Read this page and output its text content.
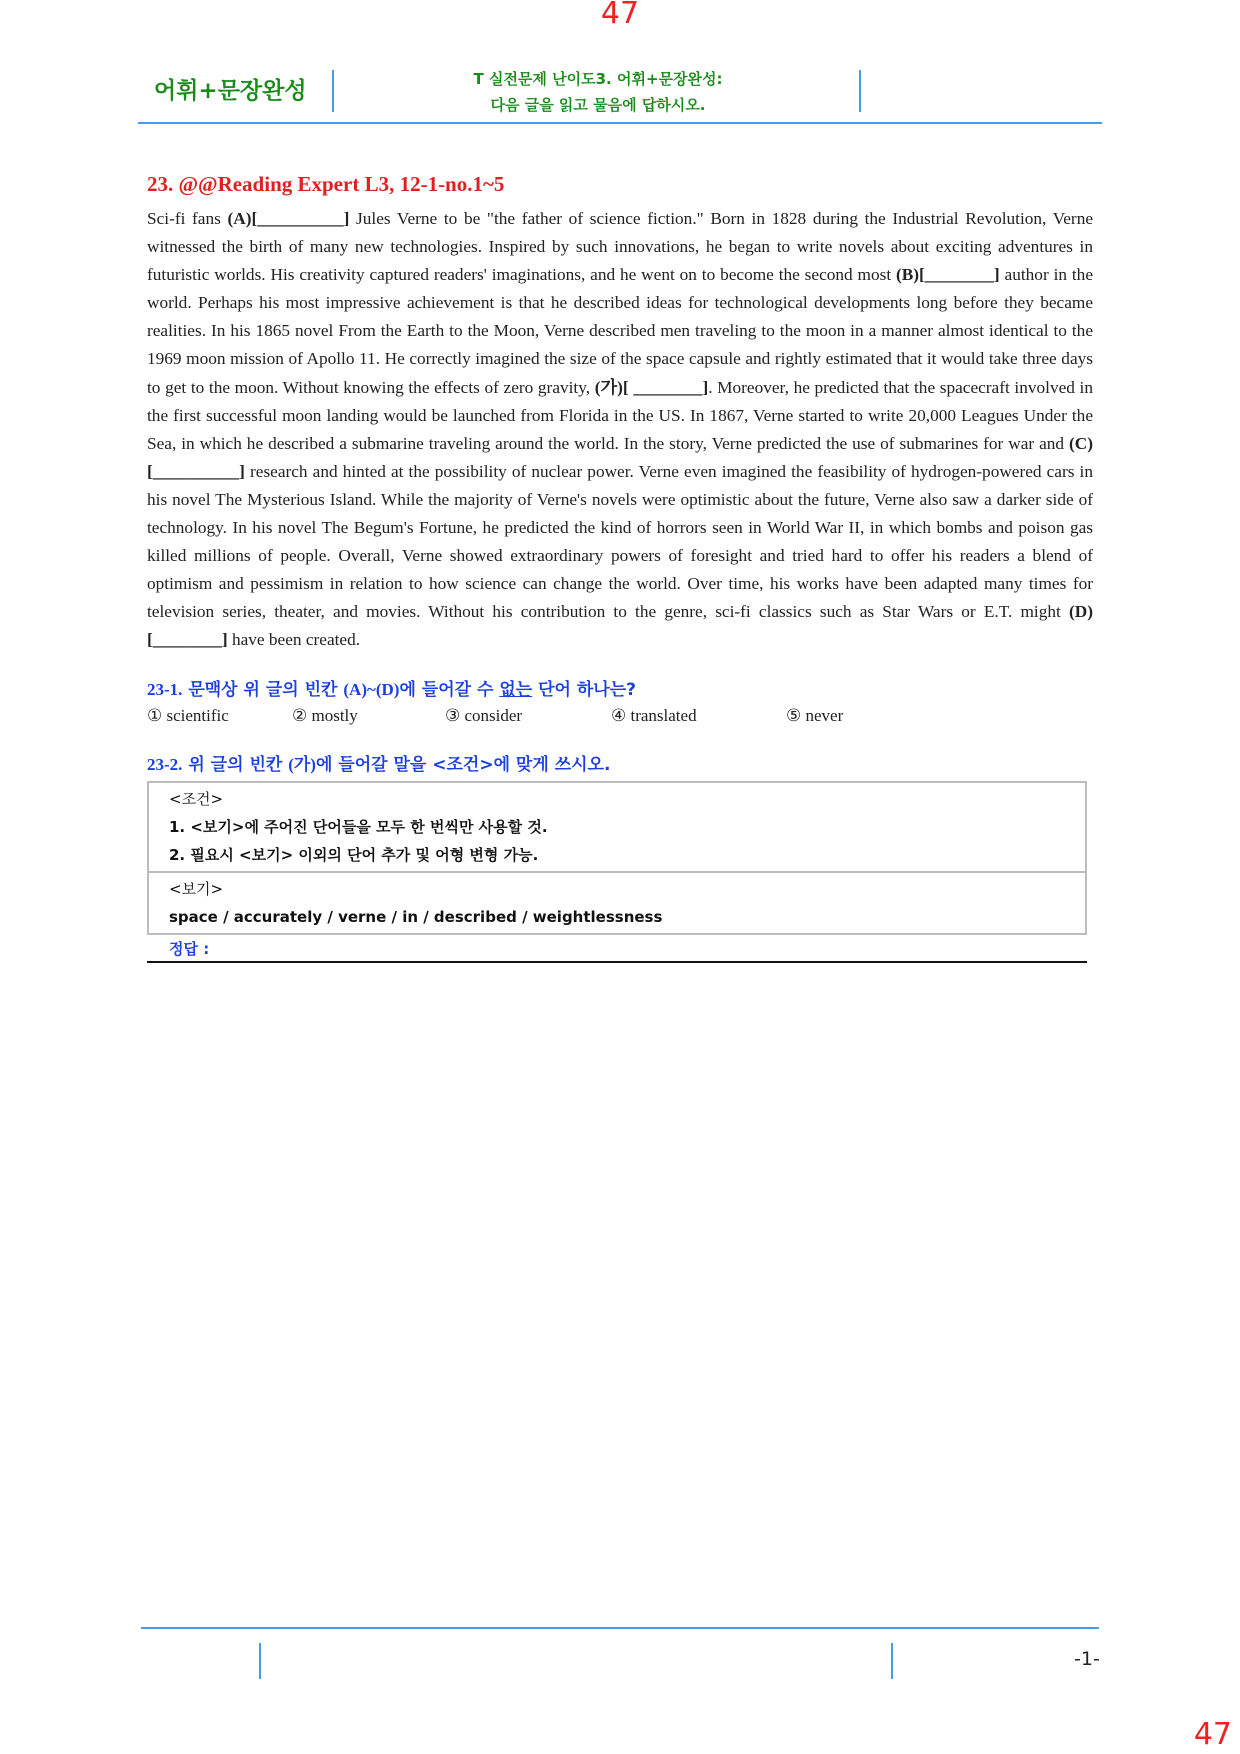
47
어휘+문장완성	T 실전문제 난이도3. 어휘+문장완성:
다음 글을 읽고 물음에 답하시오.
23. @@Reading Expert L3, 12-1-no.1~5

Sci-fi fans (A)[__________] Jules Verne to be "the father of science fiction." Born in 1828 during the Industrial Revolution, Verne witnessed the birth of many new technologies. Inspired by such innovations, he began to write novels about exciting adventures in futuristic worlds. His creativity captured readers' imaginations, and he went on to become the second most (B)[________] author in the world. Perhaps his most impressive achievement is that he described ideas for technological developments long before they became realities. In his 1865 novel From the Earth to the Moon, Verne described men traveling to the moon in a manner almost identical to the 1969 moon mission of Apollo 11. He correctly imagined the size of the space capsule and rightly estimated that it would take three days to get to the moon. Without knowing the effects of zero gravity, (가)[ ________]. Moreover, he predicted that the spacecraft involved in the first successful moon landing would be launched from Florida in the US. In 1867, Verne started to write 20,000 Leagues Under the Sea, in which he described a submarine traveling around the world. In the story, Verne predicted the use of submarines for war and (C)[__________] research and hinted at the possibility of nuclear power. Verne even imagined the feasibility of hydrogen-powered cars in his novel The Mysterious Island. While the majority of Verne's novels were optimistic about the future, Verne also saw a darker side of technology. In his novel The Begum's Fortune, he predicted the kind of horrors seen in World War II, in which bombs and poison gas killed millions of people. Overall, Verne showed extraordinary powers of foresight and tried hard to offer his readers a blend of optimism and pessimism in relation to how science can change the world. Over time, his works have been adapted many times for television series, theater, and movies. Without his contribution to the genre, sci-fi classics such as Star Wars or E.T. might (D)[________] have been created.

23-1. 문맥상 위 글의 빈칸 (A)~(D)에 들어갈 수 없는 단어 하나는?
① scientific	② mostly	③ consider	④ translated	⑤ never
23-2. 위 글의 빈칸 (가)에 들어갈 말을 <조건>에 맞게 쓰시오.
<조건>
1. <보기>에 주어진 단어들을 모두 한 번씩만 사용할 것.
2. 필요시 <보기> 이외의 단어 추가 및 어형 변형 가능.
<보기>
space / accurately / verne / in / described / weightlessness
정답 :
-1-
47
